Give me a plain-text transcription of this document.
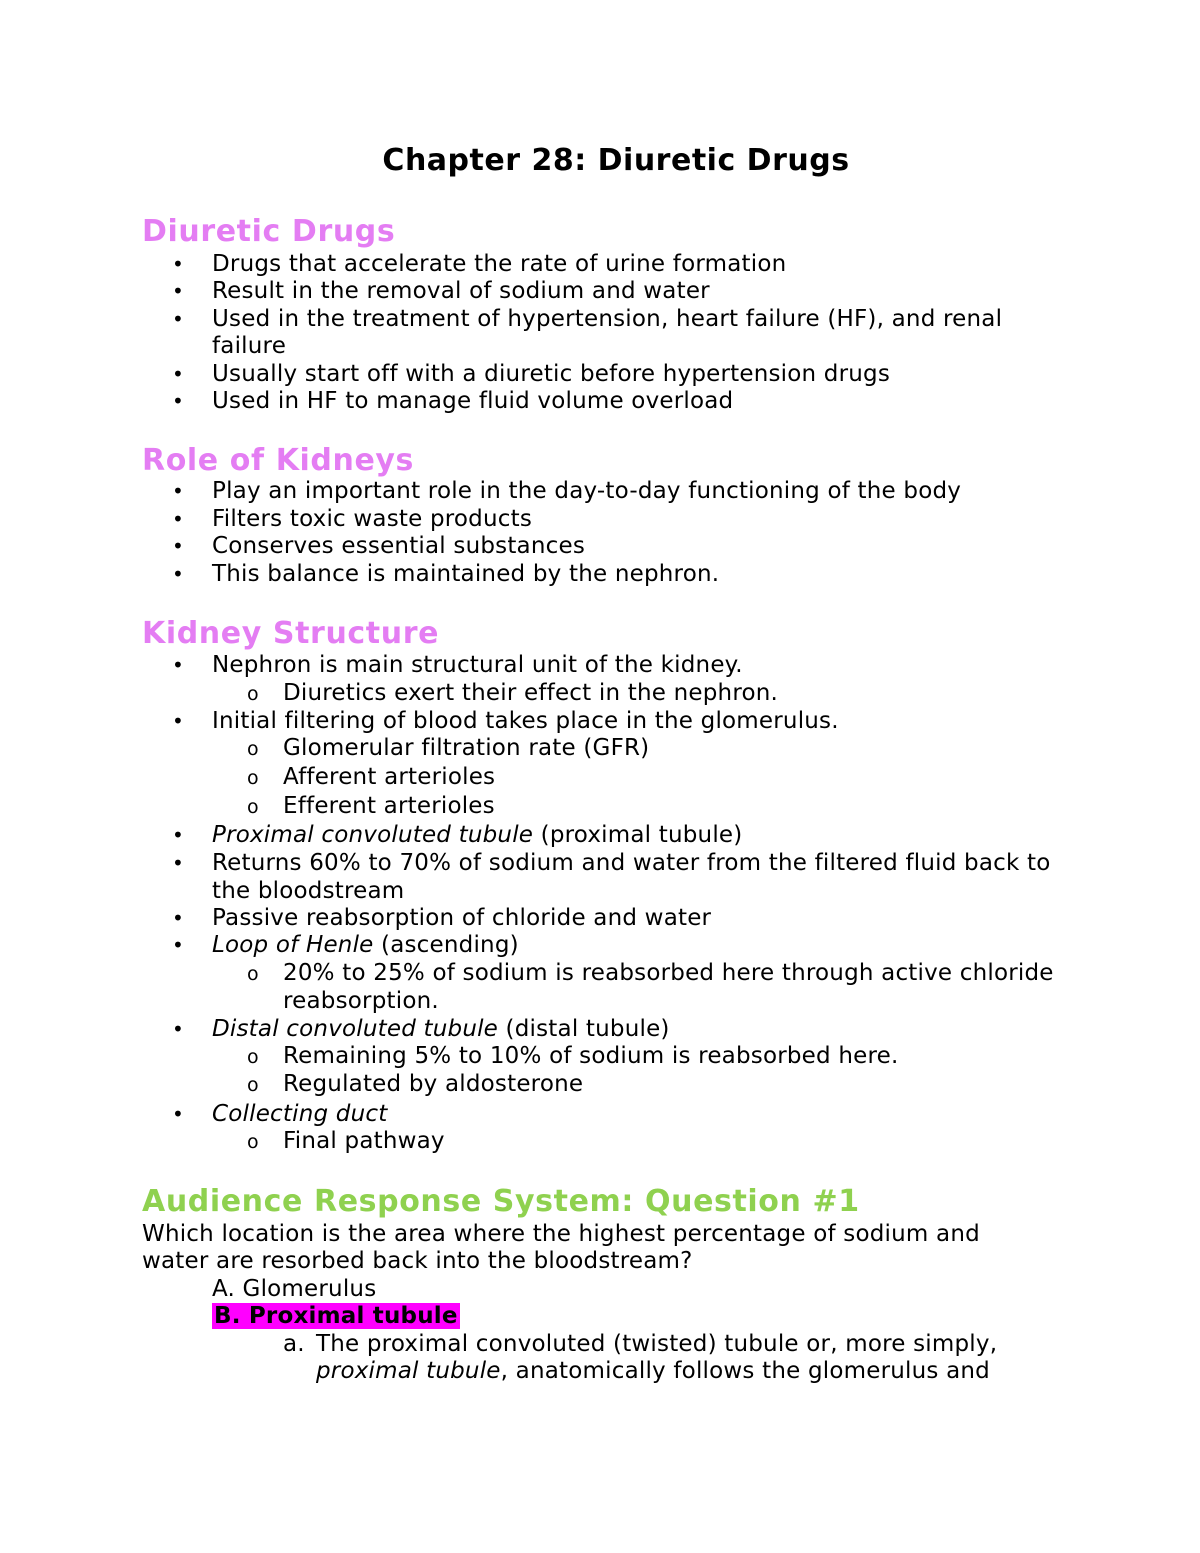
Chapter 28: Diuretic Drugs
Diuretic Drugs
• Drugs that accelerate the rate of urine formation
• Result in the removal of sodium and water
• Used in the treatment of hypertension, heart failure (HF), and renal
failure
• Usually start off with a diuretic before hypertension drugs
• Used in HF to manage fluid volume overload
Role of Kidneys
• Play an important role in the day-to-day functioning of the body
• Filters toxic waste products
• Conserves essential substances
• This balance is maintained by the nephron.
Kidney Structure
• Nephron is main structural unit of the kidney.
o Diuretics exert their effect in the nephron.
• Initial filtering of blood takes place in the glomerulus.
o Glomerular filtration rate (GFR)
o Afferent arterioles
o Efferent arterioles
• Proximal convoluted tubule (proximal tubule)
• Returns 60% to 70% of sodium and water from the filtered fluid back to
the bloodstream
• Passive reabsorption of chloride and water
• Loop of Henle (ascending)
o 20% to 25% of sodium is reabsorbed here through active chloride
reabsorption.
• Distal convoluted tubule (distal tubule)
o Remaining 5% to 10% of sodium is reabsorbed here.
o Regulated by aldosterone
• Collecting duct
o Final pathway
Audience Response System: Question #1
Which location is the area where the highest percentage of sodium and
water are resorbed back into the bloodstream?
A. Glomerulus
B. Proximal tubule
a. The proximal convoluted (twisted) tubule or, more simply,
proximal tubule, anatomically follows the glomerulus and
